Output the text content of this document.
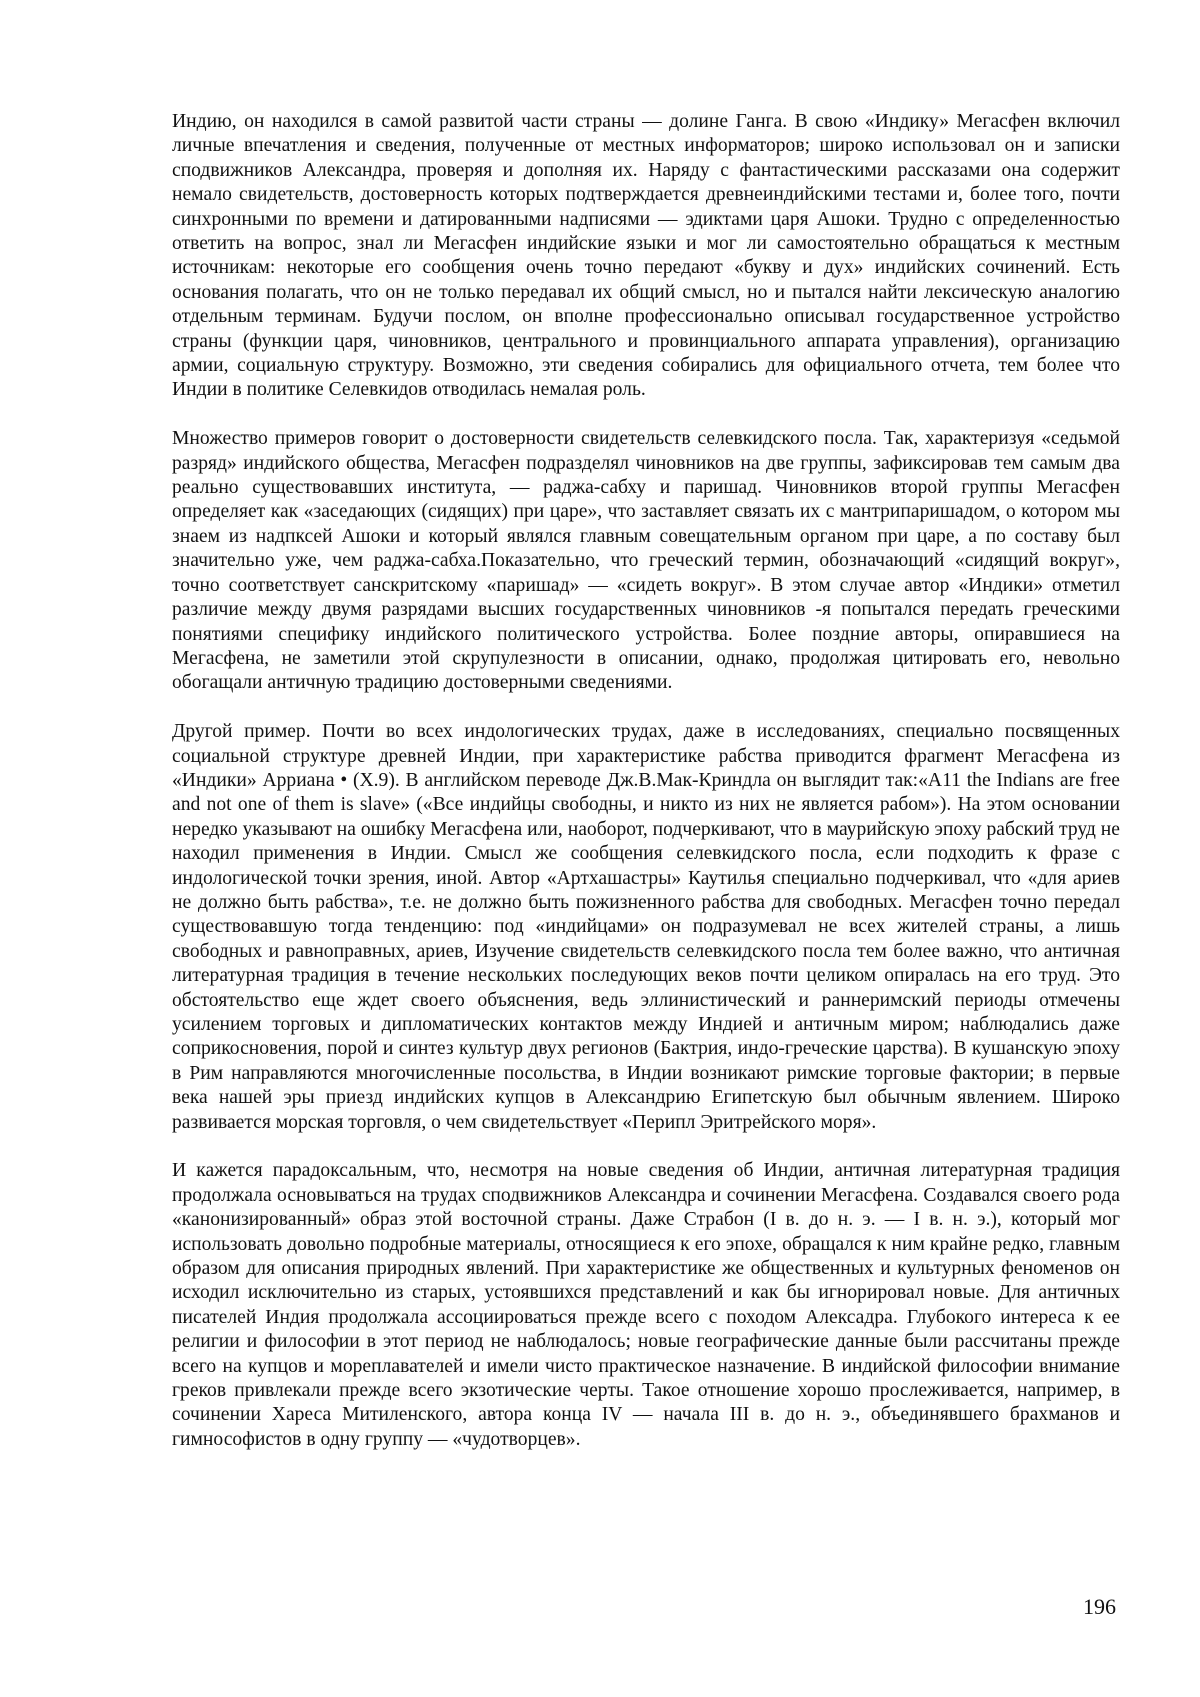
Индию, он находился в самой развитой части страны — долине Ганга. В свою «Индику» Мегасфен включил личные впечатления и сведения, полученные от местных информаторов; широко использовал он и записки сподвижников Александра, проверяя и дополняя их. Наряду с фантастическими рассказами она содержит немало свидетельств, достоверность которых подтверждается древнеиндийскими тестами и, более того, почти синхронными по времени и датированными надписями — эдиктами царя Ашоки. Трудно с определенностью ответить на вопрос, знал ли Мегасфен индийские языки и мог ли самостоятельно обращаться к местным источникам: некоторые его сообщения очень точно передают «букву и дух» индийских сочинений. Есть основания полагать, что он не только передавал их общий смысл, но и пытался найти лексическую аналогию отдельным терминам. Будучи послом, он вполне профессионально описывал государственное устройство страны (функции царя, чиновников, центрального и провинциального аппарата управления), организацию армии, социальную структуру. Возможно, эти сведения собирались для официального отчета, тем более что Индии в политике Селевкидов отводилась немалая роль.

Множество примеров говорит о достоверности свидетельств селевкидского посла. Так, характеризуя «седьмой разряд» индийского общества, Мегасфен подразделял чиновников на две группы, зафиксировав тем самым два реально существовавших института, — раджа-сабху и паришад. Чиновников второй группы Мегасфен определяет как «заседающих (сидящих) при царе», что заставляет связать их с мантрипаришадом, о котором мы знаем из надпксей Ашоки и который являлся главным совещательным органом при царе, а по составу был значительно уже, чем раджа-сабха.Показательно, что греческий термин, обозначающий «сидящий вокруг», точно соответствует санскритскому «паришад» — «сидеть вокруг». В этом случае автор «Индики» отметил различие между двумя разрядами высших государственных чиновников -я попытался передать греческими понятиями специфику индийского политического устройства. Более поздние авторы, опиравшиеся на Мегасфена, не заметили этой скрупулезности в описании, однако, продолжая цитировать его, невольно обогащали античную традицию достоверными сведениями.

Другой пример. Почти во всех индологических трудах, даже в исследованиях, специально посвященных социальной структуре древней Индии, при характеристике рабства приводится фрагмент Мегасфена из «Индики» Арриана • (X.9). В английском переводе Дж.В.Мак-Криндла он выглядит так:«A11 the Indians are free and not one of them is slave» («Все индийцы свободны, и никто из них не является рабом»). На этом основании нередко указывают на ошибку Мегасфена или, наоборот, подчеркивают, что в маурийскую эпоху рабский труд не находил применения в Индии. Смысл же сообщения селевкидского посла, если подходить к фразе с индологической точки зрения, иной. Автор «Артхашастры» Каутилья специально подчеркивал, что «для ариев не должно быть рабства», т.е. не должно быть пожизненного рабства для свободных. Мегасфен точно передал существовавшую тогда тенденцию: под «индийцами» он подразумевал не всех жителей страны, а лишь свободных и равноправных, ариев, Изучение свидетельств селевкидского посла тем более важно, что античная литературная традиция в течение нескольких последующих веков почти целиком опиралась на его труд. Это обстоятельство еще ждет своего объяснения, ведь эллинистический и раннеримский периоды отмечены усилением торговых и дипломатических контактов между Индией и античным миром; наблюдались даже соприкосновения, порой и синтез культур двух регионов (Бактрия, индо-греческие царства). В кушанскую эпоху в Рим направляются многочисленные посольства, в Индии возникают римские торговые фактории; в первые века нашей эры приезд индийских купцов в Александрию Египетскую был обычным явлением. Широко развивается морская торговля, о чем свидетельствует «Перипл Эритрейского моря».

И кажется парадоксальным, что, несмотря на новые сведения об Индии, античная литературная традиция продолжала основываться на трудах сподвижников Александра и сочинении Мегасфена. Создавался своего рода «канонизированный» образ этой восточной страны. Даже Страбон (I в. до н. э. — I в. н. э.), который мог использовать довольно подробные материалы, относящиеся к его эпохе, обращался к ним крайне редко, главным образом для описания природных явлений. При характеристике же общественных и культурных феноменов он исходил исключительно из старых, устоявшихся представлений и как бы игнорировал новые. Для античных писателей Индия продолжала ассоциироваться прежде всего с походом Алексадра. Глубокого интереса к ее религии и философии в этот период не наблюдалось; новые географические данные были рассчитаны прежде всего на купцов и мореплавателей и имели чисто практическое назначение. В индийской философии внимание греков привлекали прежде всего экзотические черты. Такое отношение хорошо прослеживается, например, в сочинении Хареса Митиленского, автора конца IV — начала III в. до н. э., объединявшего брахманов и гимнософистов в одну группу — «чудотворцев».

196
